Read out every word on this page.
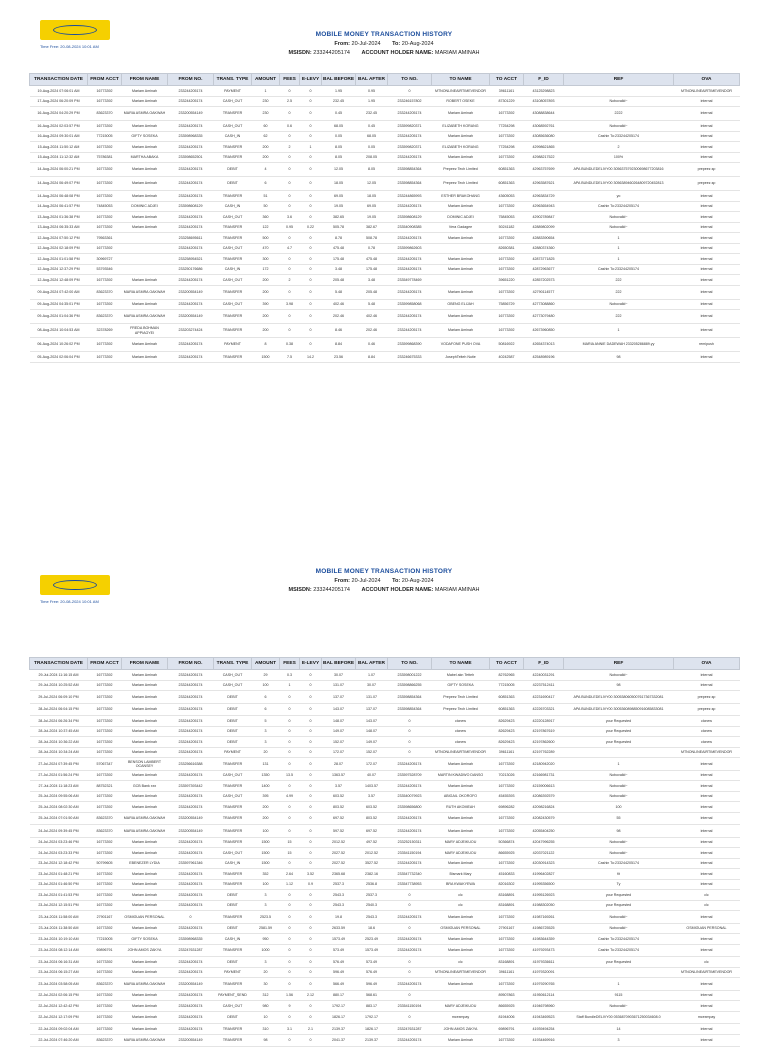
Time Free: 20-08-2024 10:01 AM
MOBILE MONEY TRANSACTION HISTORY
From: 20-Jul-2024 To: 20-Aug-2024
MSISDN: 233244205174 ACCOUNT HOLDER NAME: MARIAM AMINAH
TRANSACTION DATE	FROM ACCT	FROM NAME	FROM NO.	TRANS. TYPE	AMOUNT	FEES	E-LEVY	BAL BEFORE	BAL AFTER	TO NO.	TO NAME	TO ACCT	F_ID	REF	OVA
19-Aug-2024 07:06:01 AM	16773392	Mariam Aminah	233244205174	PAYMENT	1	0	0	1.95	0.95	0	MTNONLINEAIRTIMEVENDOR	39611161	43125298823		MTNONLINEAIRTIMEVENDOR
17-Aug-2024 06:20:09 PM	16773392	Mariam Aminah	233244205174	CASH_OUT	230	2.5	0	232.45	1.95	233246157802	ROBERT OSEKE	87301229	43108057893	Nobovalid~	internal
16-Aug-2024 04:20:29 PM	83623370	MARIA ASMRA OAKWAH	233200554149	TRANSFER	230	0	0	0.45	232.45	233244205174	Mariam Aminah	16773392	43088838644	2222	internal
16-Aug-2024 02:03:57 PM	16773392	Mariam Aminah	233244205174	CASH_OUT	60	0.6	0	68.05	0.45	233599820371	ELIZABETH KORANG	77254298	43068592761	Nobovalid~	internal
16-Aug-2024 09:30:01 AM	77215005	GIFTY SOSEKA	233598968335	CASH_IN	62	0	0	0.05	68.05	233244205174	Mariam Aminah	16773392	43085636080	Cashin To:233244205174	internal
15-Aug-2024 11:50:12 AM	16773392	Mariam Aminah	233244205174	TRANSFER	200	2	1	8.05	0.05	233599820371	ELIZABETH KORANG	77254298	42998621865	2	internal
15-Aug-2024 11:12:32 AM	75786381	MARTHA ABAKA	233598652501	TRANSFER	200	0	0	8.05	208.05	233244205174	Mariam Aminah	16773392	42988217522	100%	internal
14-Aug-2024 06:00:21 PM	16773392	Mariam Aminah	233244205174	DEBIT	4	0	0	12.05	8.05	233598854364	Prepeez Tech Limited	60851363	42963757699	APA BUNDLEDELIVY00 3056375792300698677203816	prepeez.sp
14-Aug-2024 06:49:07 PM	16773392	Mariam Aminah	233244205174	DEBIT	6	0	0	18.05	12.05	233598854364	Prepeez Tech Limited	60851363	42963587621	APA BUNDLEDELIVY00 3056389460264809720452813	prepeez.sp
14-Aug-2024 06:48:08 PM	16773392	Mariam Aminah	233244205174	TRANSFER	51	0	0	69.05	18.05	233244865993	ESTHER BRAKOHANG	43605053	42963834729	yo	internal
14-Aug-2024 06:41:57 PM	74845053	DOMINIC ADJEI	233598608129	CASH_IN	50	0	0	19.05	69.05	233244205174	Mariam Aminah	16773392	42963654943	Cashin To:233244205174	internal
13-Aug-2024 01:36:38 PM	16773392	Mariam Aminah	233244205174	CASH_OUT	360	3.6	0	382.65	19.05	233598608129	DOMINIC ADJEI	75845053	42902789847	Nobovalid~	internal
13-Aug-2024 06:35:33 AM	16773392	Mariam Aminah	233244205174	TRANSFER	122	0.95	0.22	505.78	382.67	233540908385	Vera Gadagee	50241182	42889802099	Nobovalid~	internal
12-Aug-2024 07:50:12 PM	79563361		233258695611	TRANSFER	500	0	0	8.78	508.78	233244205174	Mariam Aminah	16773392	42883390654	1	internal
12-Aug-2024 02:18:09 PM	16773392		233244205174	CASH_OUT	470	4.7	0	475.48	0.78	233599862603		82650381	42880374360	1	internal
12-Aug-2024 01:01:58 PM	30969727		233258954521	TRANSFER	300	0	0	175.48	475.48	233244205174	Mariam Aminah	16773392	42873771825	1	internal
12-Aug-2024 12:37:29 PM	53793546		233250176686	CASH_IN	172	0	0	3.48	175.48	233244205174	Mariam Aminah	16773392	42872963677	Cashin To:233244205174	internal
12-Aug-2024 12:48:09 PM	16773392	Mariam Aminah	233244205174	CASH_OUT	200	2	0	205.48	3.48	233549778469		39651220	42857202573	222	internal
09-Aug-2024 07:42:00 AM	83623370	MARIA ASMRA OAKWAH	233200554149	TRANSFER	200	0	0	5.48	205.48	233244205174	Mariam Aminah	16773392	42790114577	222	internal
09-Aug-2024 04:35:01 PM	16773392	Mariam Aminah	233244205174	CASH_OUT	390	3.98	0	402.46	5.48	233599858068	OBENG ELIJAH	75856729	42773088860	Nobovalid~	internal
09-Aug-2024 01:04:36 PM	83623370	MARIA ASMRA OAKWAH	233200554149	TRANSFER	200	0	0	202.46	402.46	233244205174	Mariam Aminah	16773392	42773079480	222	internal
08-Aug-2024 10:04:53 AM	32378269	FREDA BOHMAN APPIAGYEI	233203274424	TRANSFER	200	0	0	8.46	202.46	233244205174	Mariam Aminah	16773392	42673960850	1	internal
06-Aug-2024 10:26:02 PM	16773392	Mariam Aminah	233244205174	PAYMENT	8	0.38	0	8.84	0.46	233599868390	VODAFONE PUSH OVA	50816922	42654374013	MARIA ANNIE DADEWAH 233205286889.yy	remipush
05-Aug-2024 02:06:04 PM	16773392	Mariam Aminah	233244205174	TRANSFER	1500	7.5	14.2	23.56	8.84	233246675333	JosephTeiteh Nutie	40242587	42548989196	98	internal
Time Free: 20-08-2024 10:01 AM
MOBILE MONEY TRANSACTION HISTORY
From: 20-Jul-2024 To: 20-Aug-2024
MSISDN: 233244205174 ACCOUNT HOLDER NAME: MARIAM AMINAH
TRANSACTION DATE	FROM ACCT	FROM NAME	FROM NO.	TRANS. TYPE	AMOUNT	FEES	E-LEVY	BAL BEFORE	BAL AFTER	TO NO.	TO NAME	TO ACCT	F_ID	REF	OVA
29-Jul-2024 11:16:15 AM	16773392	Mariam Aminah	233244205174	CASH_OUT	29	0.3	0	30.07	1.07	233598001222	Mabel akn Tetteh	82762965	42240031291	Nobovalid~	internal
29-Jul-2024 10:25:52 AM	16773392	Mariam Aminah	233244205174	CASH_OUT	100	1	0	131.07	30.07	233598866255	GIFTY SOSEKA	77215005	42237512411	98	internal
29-Jul-2024 06:09:10 PM	16773392	Mariam Aminah	233244205174	DEBIT	6	0	0	137.07	131.07	233598854364	Prepeez Tech Limited	60851363	42231690417	APA BUNDLEDELIVY00 3005380605007617367332081	prepeez.sp
28-Jul-2024 06:04:15 PM	16773392	Mariam Aminah	233244205174	DEBIT	6	0	0	143.07	137.07	233598854364	Prepeez Tech Limited	60851363	42226703321	APA BUNDLEDELIVY00 3005360898850916085833081	prepeez.sp
28-Jul-2024 06:26:34 PM	16773392	Mariam Aminah	233244205174	DEBIT	5	0	0	148.07	143.07	0	clcnew	82629423	42220128917	your Requested	clcnew
28-Jul-2024 10:37:45 AM	16773392	Mariam Aminah	233244205174	DEBIT	3	0	0	149.07	148.07	0	clcnew	82629423	42197867619	your Requested	clcnew
28-Jul-2024 10:36:22 AM	16773392	Mariam Aminah	233244205174	DEBIT	3	0	0	152.07	149.07	0	clcnew	82629423	42197862600	your Requested	clcnew
28-Jul-2024 10:34:24 AM	16773392	Mariam Aminah	233244205174	PAYMENT	20	0	0	172.07	152.07	0	MTNONLINEAIRTIMEVENDOR	39611161	42197762289		MTNONLINEAIRTIMEVENDOR
27-Jul-2024 07:39:45 PM	57067347	BENSON LAMBERT OCANSEY	233256616388	TRANSFER	131	0	0	28.07	172.07	233244205174	Mariam Aminah	16773392	42180942020	1	internal
27-Jul-2024 01:56:24 PM	16773392	Mariam Aminah	233244205174	CASH_OUT	1350	13.5	0	1363.57	40.07	233597528709	MARTIN KWADWO DANSO	70213026	42166981731	Nobovalid~	internal
27-Jul-2024 11:18:23 AM	88752321	GCB Bank xxx	233597393442	TRANSFER	1400	0	0	3.57	1403.57	233244205174	Mariam Aminah	16773392	42159006613	Nobovalid~	internal
25-Jul-2024 09:55:06 AM	16773392	Mariam Aminah	233244205174	CASH_OUT	395	4.99	0	603.52	3.57	233540079923	ABIGAIL OKOROFO	45455393	42086392579	Nobovalid~	internal
25-Jul-2024 08:02:30 AM	16773392	Mariam Aminah	233244205174	TRANSFER	200	0	0	803.52	603.52	233598656800	RUTH AKOMEAH	69896282	42098216824	100	internal
25-Jul-2024 07:01:50 AM	83623370	MARIA ASMRA OAKWAH	233200554149	TRANSFER	200	0	0	697.52	803.52	233244205174	Mariam Aminah	16773392	42082430579	55	internal
24-Jul-2024 09:39:45 PM	83623370	MARIA ASMRA OAKWAH	233200554149	TRANSFER	100	0	0	597.52	697.52	233244205174	Mariam Aminah	16773392	42055404250	98	internal
24-Jul-2024 03:23:46 PM	16773392	Mariam Aminah	233244205174	TRANSFER	1500	15	0	2012.52	497.52	233252150311	MARY ADJEIKUOU	50366874	42047996255	Nobovalid~	internal
24-Jul-2024 03:23:33 PM	16773392	Mariam Aminah	233244205174	CASH_OUT	1500	15	0	2027.52	2012.52	233541150194	MARY ADJEIKUOU	86655925	42037021122	Nobovalid~	internal
23-Jul-2024 12:18:42 PM	50799605	EBENEZER LYDIA	233597961346	CASH_IN	1500	0	0	2027.52	3527.52	233244205174	Mariam Aminah	16773392	42030914323	Cashin To:233244205174	internal
23-Jul-2024 01:48:21 PM	16773392	Mariam Aminah	233244205174	TRANSFER	352	2.64	3.52	2365.68	2382.16	233547732340	Bismark Mary	45160833	41996402827	fit	internal
23-Jul-2024 01:46:50 PM	16773392	Mariam Aminah	233244205174	TRANSFER	100	1.12	0.9	2537.3	2536.8	233547738953	BRA KWAKYEWA	82016302	41995356500	Ty	internal
23-Jul-2024 01:41:53 PM	16773392	Mariam Aminah	233244205174	DEBIT	3	0	0	2543.3	2537.3	0	clc	83168891	41995126923	your Requested	clc
23-Jul-2024 12:15:51 PM	16773392	Mariam Aminah	233244205174	DEBIT	3	0	0	2543.3	2540.3	0	clc	83168891	41988302050	your Requested	clc
23-Jul-2024 11:58:00 AM	27901167	OSMIGUAN PERSONAL	0	TRANSFER	2523.5	0	0	19.8	2543.3	233244205174	Mariam Aminah	16773392	41987169261	Nobovalid~	internal
23-Jul-2024 11:38:50 AM	16773392	Mariam Aminah	233244205174	DEBIT	2581.59	0	0	2633.59	18.6	0	OSMIGUAN PERSONAL	27901167	41986725525	Nobovalid~	OSMIGUAN PERSONAL
23-Jul-2024 10:19:10 AM	77215005	GIFTY SOSEKA	233598968335	CASH_IN	950	0	0	1573.49	2523.49	233244205174	Mariam Aminah	16773392	41983644359	Cashin To:233244205174	internal
23-Jul-2024 08:12:14 AM	69896791	JOHN AMOS ZAKYA	233247631287	TRANSFER	1000	0	0	573.49	1573.49	233244205174	Mariam Aminah	16773392	41979293473	Cashin To:233244205174	internal
23-Jul-2024 06:16:31 AM	16773392	Mariam Aminah	233244205174	DEBIT	3	0	0	576.49	573.49	0	clc	83168891	41979336611	your Requested	clc
23-Jul-2024 06:15:27 AM	16773392	Mariam Aminah	233244205174	PAYMENT	20	0	0	596.49	576.49	0	MTNONLINEAIRTIMEVENDOR	39611161	41979320091		MTNONLINEAIRTIMEVENDOR
23-Jul-2024 03:58:05 AM	83623370	MARIA ASMRA OAKWAH	233200554149	TRANSFER	30	0	0	566.49	596.49	233244205174	Mariam Aminah	16773392	41979290765	1	internal
22-Jul-2024 02:06:15 PM	16773392	Mariam Aminah	233244205174	PAYMENT_SEND	312	1.56	2.12	880.17	568.61	0		89507863	41950612114	9115	internal
22-Jul-2024 12:42:42 PM	16773392	Mariam Aminah	233244205174	CASH_OUT	980	9	0	1792.17	883.17	233541150194	MARY ADJEIKUOU	86655925	41946798960	Nobovalid~	internal
22-Jul-2024 12:17:09 PM	16773392	Mariam Aminah	233244205174	DEBIT	10	0	0	1826.17	1792.17	0	mcexmpay	81944006	41943469523	Staff BundleDELIVY00 0536870903671250034608.0	mcexmpay
22-Jul-2024 09:02:04 AM	16773392	Mariam Aminah	233244205174	TRANSFER	310	3.1	2.1	2139.37	1826.17	233247631287	JOHN AMOS ZAKYA	69896791	41939494254	14	internal
22-Jul-2024 07:46:20 AM	83623370	MARIA ASMRA OAKWAH	233200554149	TRANSFER	98	0	0	2041.37	2139.37	233244205174	Mariam Aminah	16773392	41934469916	3	internal
